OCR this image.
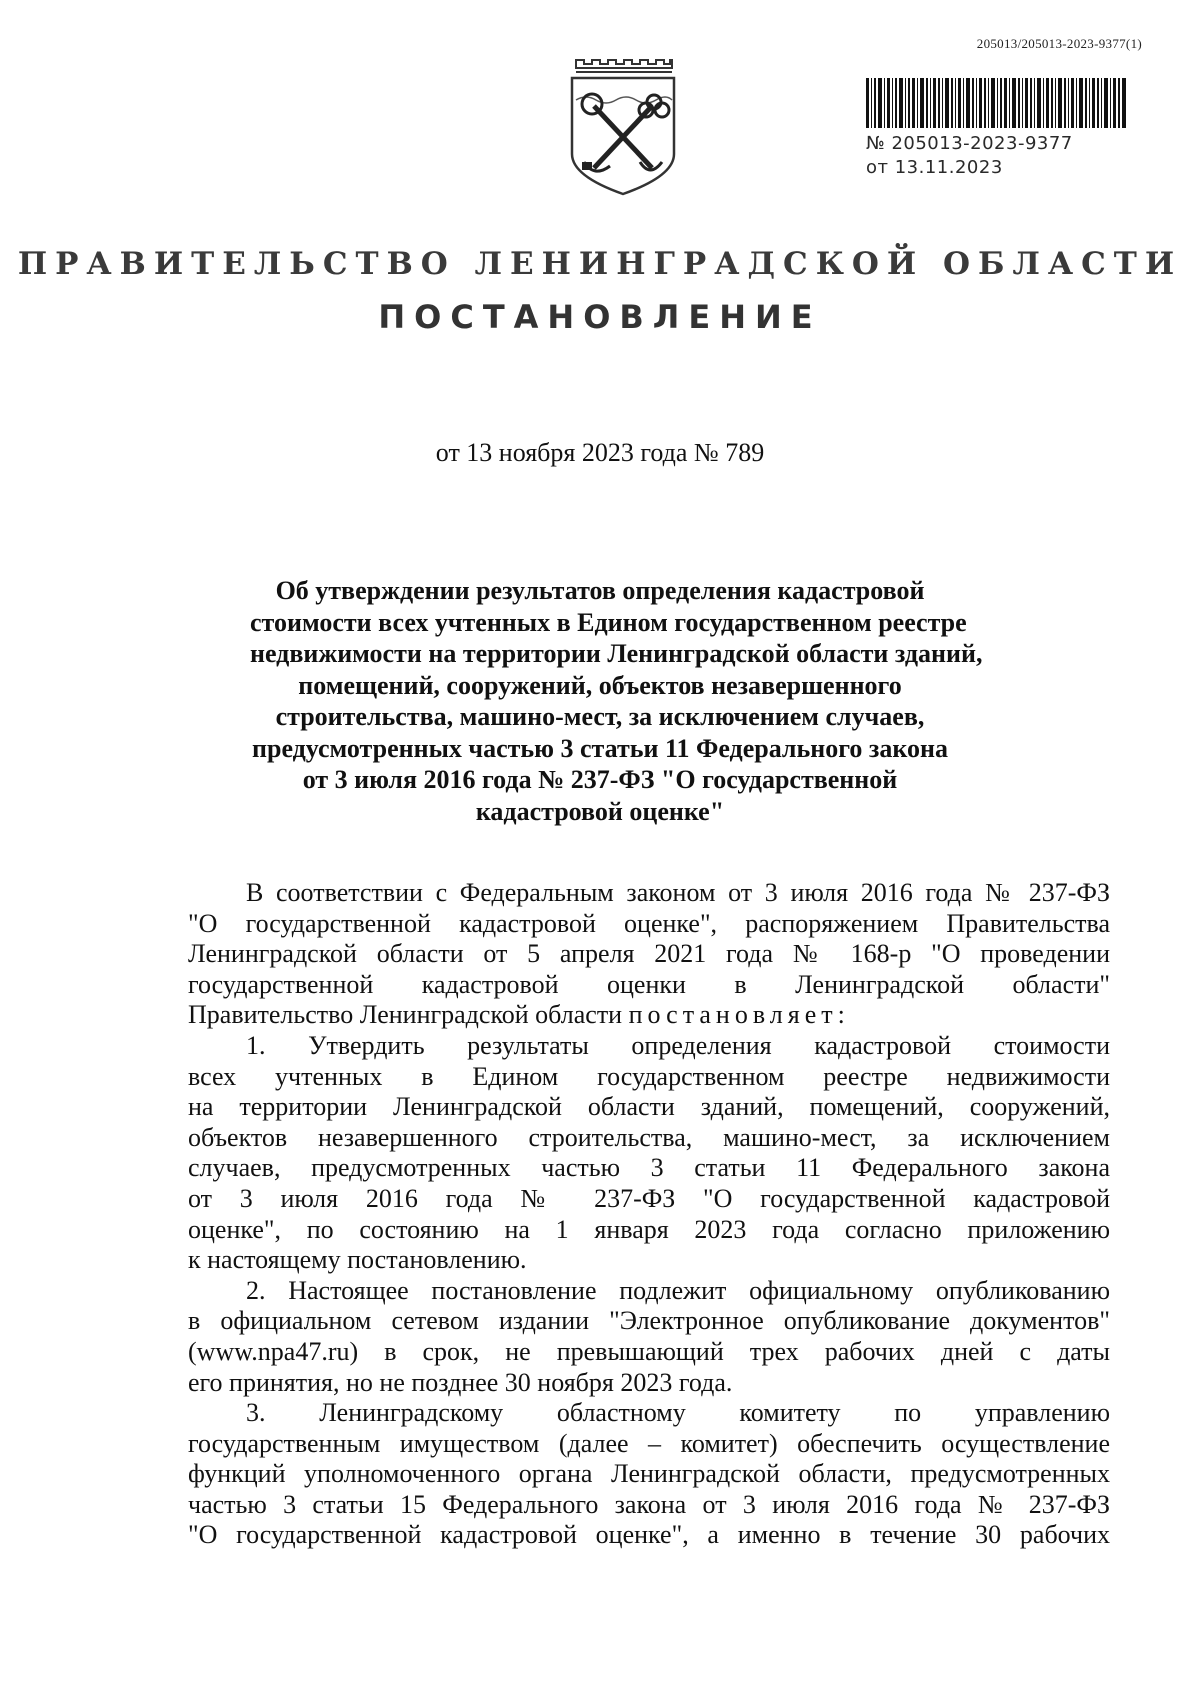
205013/205013-2023-9377(1)
№ 205013-2023-9377
от 13.11.2023
ПРАВИТЕЛЬСТВО ЛЕНИНГРАДСКОЙ ОБЛАСТИ
ПОСТАНОВЛЕНИЕ
от 13 ноября 2023 года № 789
Об утверждении результатов определения кадастровой
стоимости всех учтенных в Едином государственном реестре
недвижимости на территории Ленинградской области зданий,
помещений, сооружений, объектов незавершенного
строительства, машино-мест, за исключением случаев,
предусмотренных частью 3 статьи 11 Федерального закона
от 3 июля 2016 года № 237-ФЗ "О государственной
кадастровой оценке"
В соответствии с Федеральным законом от 3 июля 2016 года № 237-ФЗ
"О государственной кадастровой оценке", распоряжением Правительства
Ленинградской области от 5 апреля 2021 года № 168-р "О проведении
государственной кадастровой оценки в Ленинградской области"
Правительство Ленинградской области постановляет:
1. Утвердить результаты определения кадастровой стоимости
всех учтенных в Едином государственном реестре недвижимости
на территории Ленинградской области зданий, помещений, сооружений,
объектов незавершенного строительства, машино-мест, за исключением
случаев, предусмотренных частью 3 статьи 11 Федерального закона
от 3 июля 2016 года № 237-ФЗ "О государственной кадастровой
оценке", по состоянию на 1 января 2023 года согласно приложению
к настоящему постановлению.
2. Настоящее постановление подлежит официальному опубликованию
в официальном сетевом издании "Электронное опубликование документов"
(www.npa47.ru) в срок, не превышающий трех рабочих дней с даты
его принятия, но не позднее 30 ноября 2023 года.
3. Ленинградскому областному комитету по управлению
государственным имуществом (далее – комитет) обеспечить осуществление
функций уполномоченного органа Ленинградской области, предусмотренных
частью 3 статьи 15 Федерального закона от 3 июля 2016 года № 237-ФЗ
"О государственной кадастровой оценке", а именно в течение 30 рабочих
